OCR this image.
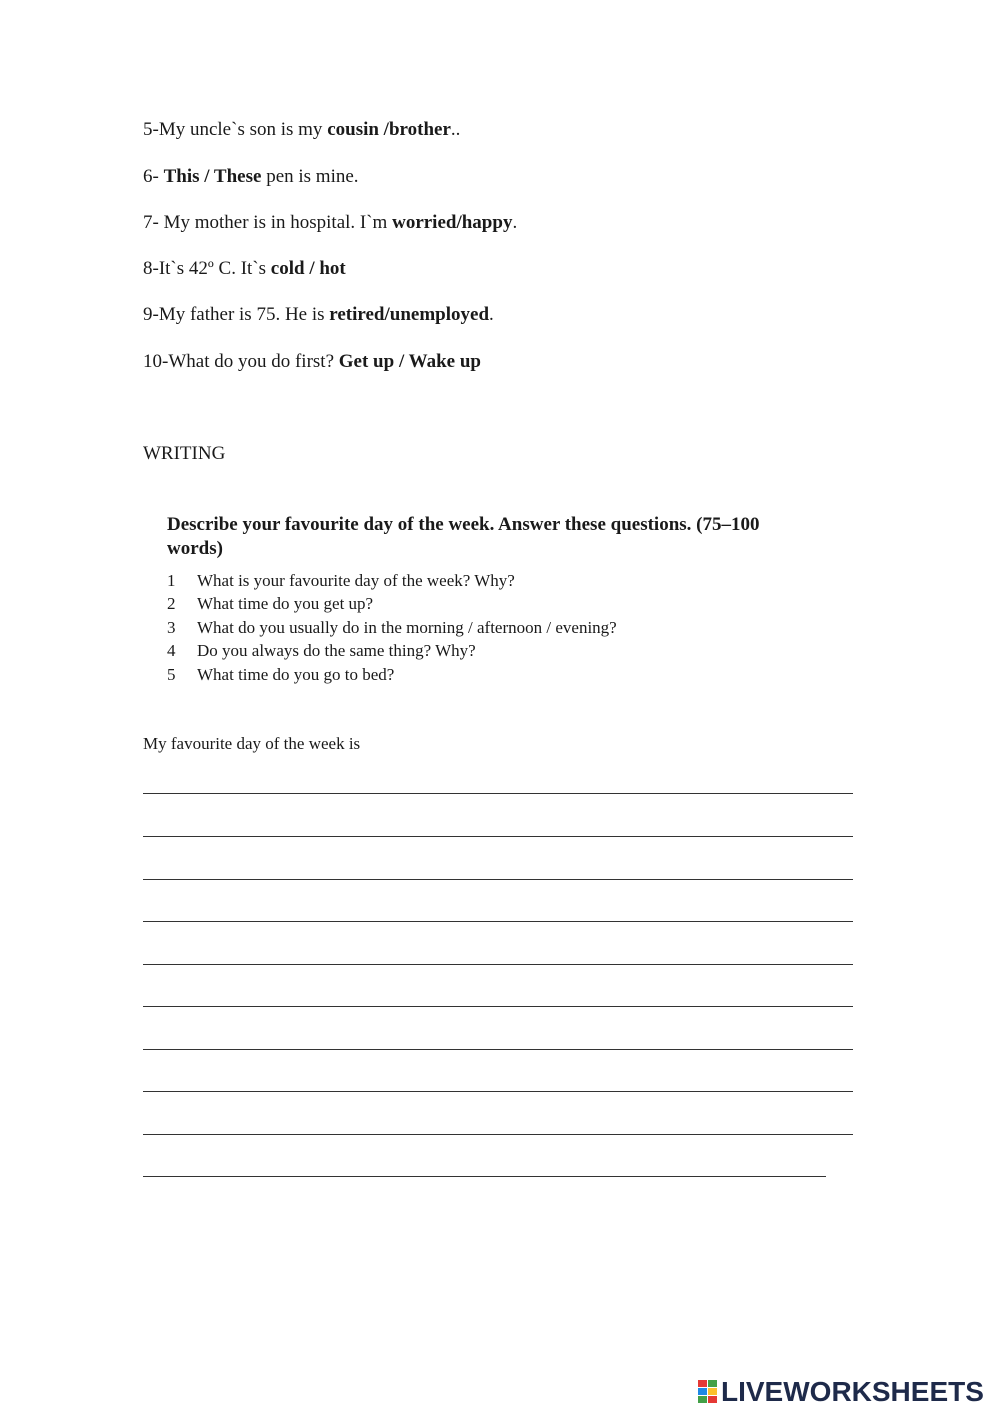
5-My uncle`s son is my cousin /brother..
6- This / These pen is mine.
7- My mother is in hospital. I`m worried/happy.
8-It`s 42º C. It`s cold / hot
9-My father is 75. He is retired/unemployed.
10-What do you do first? Get up / Wake up
WRITING
Describe your favourite day of the week. Answer these questions. (75–100 words)
1 What is your favourite day of the week? Why?
2 What time do you get up?
3 What do you usually do in the morning / afternoon / evening?
4 Do you always do the same thing? Why?
5 What time do you go to bed?
My favourite day of the week is
LIVEWORKSHEETS
